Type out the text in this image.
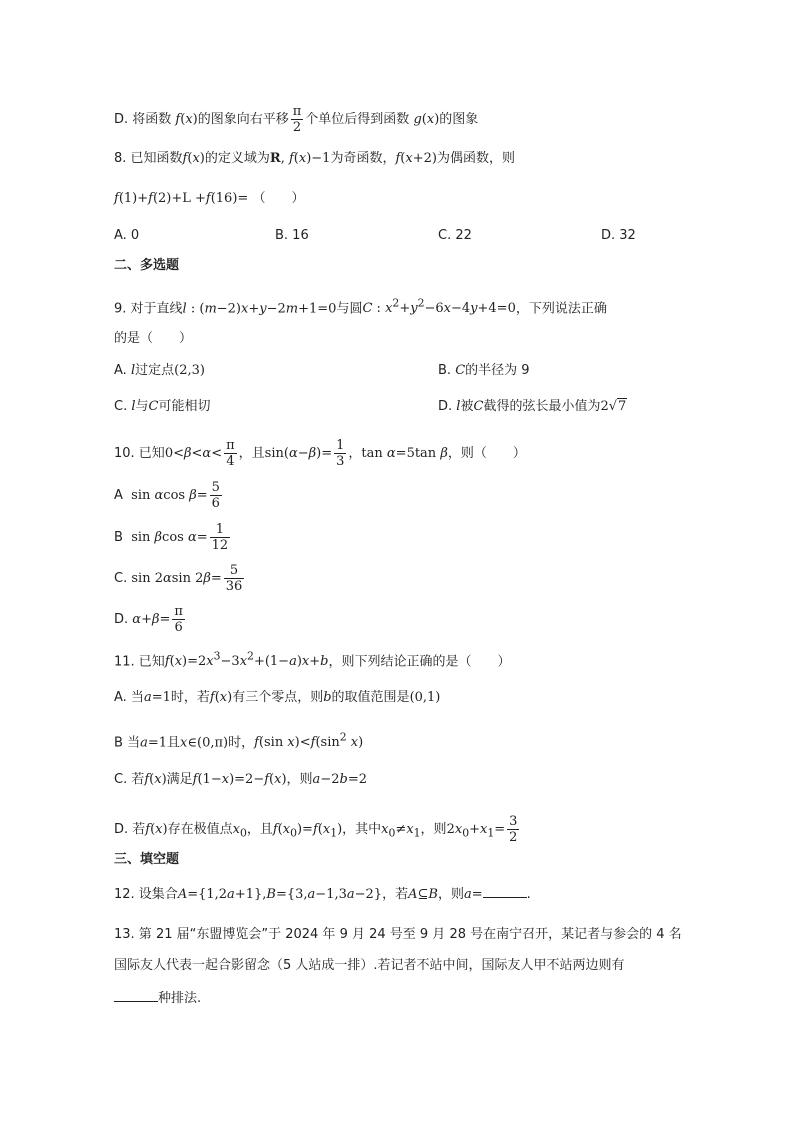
D. 将函数 f(x)的图象向右平移 $\frac{\pi}{2}$ 个单位后得到函数 g(x)的图象
8. 已知函数f(x)的定义域为R, f(x)−1为奇函数，f(x+2)为偶函数，则
f(1)+f(2)+L +f(16)= （　　）
A. 0	B. 16	C. 22	D. 32
二、多选题
9. 对于直线l : (m−2)x+y−2m+1=0与圆C : $x^2+y^2-6x-4y+4=0$，下列说法正确
的是（　　）
A. l过定点(2,3)	B. C的半径为 9
C. l与C可能相切	D. l被C截得的弦长最小值为2√7
10. 已知$0<\beta<\alpha< \frac{\pi}{4}$ ，且$\sin(\alpha-\beta)= \frac{1}{3}$ ，tan α=5tan β，则（　　）
A sin αcos $\beta= \frac{5}{6}$
B sin βcos $\alpha= \frac{1}{12}$
C. sin 2αsin $2\beta= \frac{5}{36}$
D. $\alpha+\beta= \frac{\pi}{6}$
11. 已知$f(x)=2x^3-3x^2+(1-a)x+b$，则下列结论正确的是（　　）
A. 当a=1时，若f(x)有三个零点，则b的取值范围是(0,1)
B 当a=1且x∈(0,π)时，f(sin $x)<f(\sin^2$ x)
C. 若f(x)满足f(1−x)=2−f(x)，则a−2b=2
D. 若f(x)存在极值点$x_0$，且$f(x_0)=f(x_1)$，其中$x_0\ne x_1$，则$2x_0+x_1= \frac{3}{2}$
三、填空题
12. 设集合A={1,2a+1},B={3,a−1,3a−2}，若A⊆B，则a=	.
13. 第 21 届“东盟博览会”于 2024 年 9 月 24 号至 9 月 28 号在南宁召开，某记者与参会的 4 名
国际友人代表一起合影留念（5 人站成一排）.若记者不站中间，国际友人甲不站两边则有
种排法.
